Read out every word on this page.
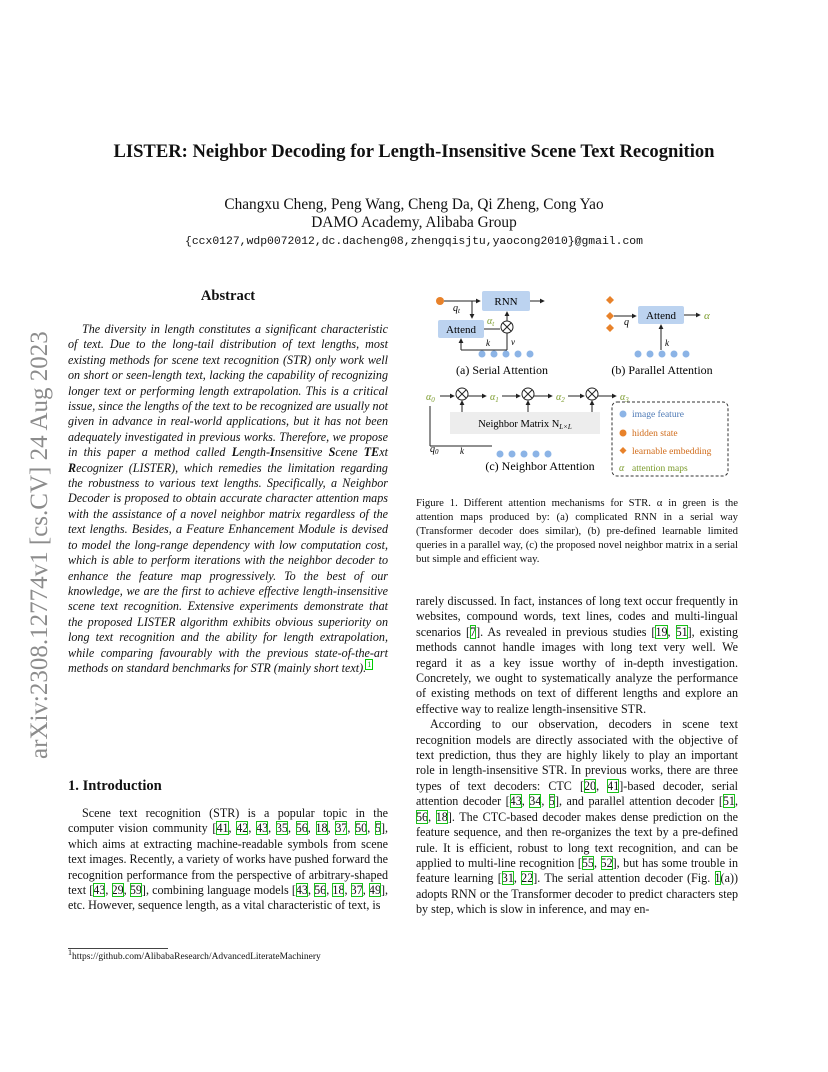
arXiv:2308.12774v1 [cs.CV] 24 Aug 2023
LISTER: Neighbor Decoding for Length-Insensitive Scene Text Recognition
Changxu Cheng, Peng Wang, Cheng Da, Qi Zheng, Cong Yao
DAMO Academy, Alibaba Group
{ccx0127,wdp0072012,dc.dacheng08,zhengqisjtu,yaocong2010}@gmail.com
Abstract
The diversity in length constitutes a significant characteristic of text. Due to the long-tail distribution of text lengths, most existing methods for scene text recognition (STR) only work well on short or seen-length text, lacking the capability of recognizing longer text or performing length extrapolation. This is a critical issue, since the lengths of the text to be recognized are usually not given in advance in real-world applications, but it has not been adequately investigated in previous works. Therefore, we propose in this paper a method called Length-Insensitive Scene TExt Recognizer (LISTER), which remedies the limitation regarding the robustness to various text lengths. Specifically, a Neighbor Decoder is proposed to obtain accurate character attention maps with the assistance of a novel neighbor matrix regardless of the text lengths. Besides, a Feature Enhancement Module is devised to model the long-range dependency with low computation cost, which is able to perform iterations with the neighbor decoder to enhance the feature map progressively. To the best of our knowledge, we are the first to achieve effective length-insensitive scene text recognition. Extensive experiments demonstrate that the proposed LISTER algorithm exhibits obvious superiority on long text recognition and the ability for length extrapolation, while comparing favourably with the previous state-of-the-art methods on standard benchmarks for STR (mainly short text).$^1$
1. Introduction
Scene text recognition (STR) is a popular topic in the computer vision community [41, 42, 43, 35, 56, 18, 37, 50, 5], which aims at extracting machine-readable symbols from scene text images. Recently, a variety of works have pushed forward the recognition performance from the perspective of arbitrary-shaped text [43, 29, 59], combining language models [43, 56, 18, 37, 49], etc. However, sequence length, as a vital characteristic of text, is
$^1$https://github.com/AlibabaResearch/AdvancedLiterateMachinery
RNN
$q_t$
Attend
$\alpha_t$
v
k
(a) Serial Attention
q
Attend	α
k
(b) Parallel Attention
$\alpha_0$	$\alpha_1$	$\alpha_2$	$\alpha_3$
Neighbor Matrix NL×L
$q_0$ k
(c) Neighbor Attention
image feature
hidden state
learnable embedding
α attention maps
Figure 1. Different attention mechanisms for STR. α in green is the attention maps produced by: (a) complicated RNN in a serial way (Transformer decoder does similar), (b) pre-defined learnable limited queries in a parallel way, (c) the proposed novel neighbor matrix in a serial but simple and efficient way.

rarely discussed. In fact, instances of long text occur frequently in websites, compound words, text lines, codes and multi-lingual scenarios [7]. As revealed in previous studies [19, 51], existing methods cannot handle images with long text very well. We regard it as a key issue worthy of in-depth investigation. Concretely, we ought to systematically analyze the performance of existing methods on text of different lengths and explore an effective way to realize length-insensitive STR.

According to our observation, decoders in scene text recognition models are directly associated with the objective of text prediction, thus they are highly likely to play an important role in length-insensitive STR. In previous works, there are three types of text decoders: CTC [20, 41]-based decoder, serial attention decoder [43, 34, 5], and parallel attention decoder [51, 56, 18]. The CTC-based decoder makes dense prediction on the feature sequence, and then re-organizes the text by a pre-defined rule. It is efficient, robust to long text recognition, and can be applied to multi-line recognition [55, 52], but has some trouble in feature learning [31, 22]. The serial attention decoder (Fig. 1(a)) adopts RNN or the Transformer decoder to predict characters step by step, which is slow in inference, and may en-
